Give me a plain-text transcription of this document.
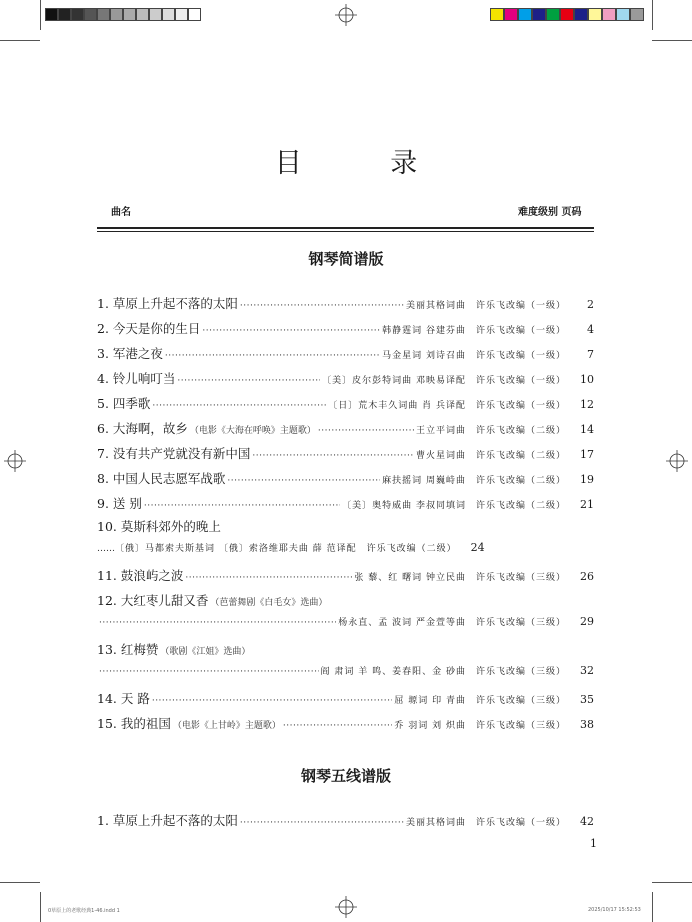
目 录
曲名	难度级别 页码
钢琴简谱版
1. 草原上升起不落的太阳 ·····	美丽其格词曲 许乐飞改编（一级）	2
2. 今天是你的生日 ·····	韩静霆词 谷建芬曲 许乐飞改编（一级）	4
3. 军港之夜 ·····	马金星词 刘诗召曲 许乐飞改编（一级）	7
4. 铃儿响叮当 ·····	〔美〕皮尔彭特词曲 邓映易译配 许乐飞改编（一级）	10
5. 四季歌 ·····	〔日〕荒木丰久词曲 肖 兵译配 许乐飞改编（一级）	12
6. 大海啊，故乡 （电影《大海在呼唤》主题歌） ·····	王立平词曲 许乐飞改编（二级）	14
7. 没有共产党就没有新中国 ·····	曹火星词曲 许乐飞改编（二级）	17
8. 中国人民志愿军战歌 ·····	麻扶摇词 周巍峙曲 许乐飞改编（二级）	19
9. 送 别 ·····	〔美〕奥特威曲 李叔同填词 许乐飞改编（二级）	21
10. 莫斯科郊外的晚上
…… 〔俄〕马都索夫斯基词 〔俄〕索洛维耶夫曲 薛 范译配 许乐飞改编（二级）	24
11. 鼓浪屿之波 ·····	张 藜、红 曙词 钟立民曲 许乐飞改编（三级）	26
12. 大红枣儿甜又香 （芭蕾舞剧《白毛女》选曲）
·····
杨永直、孟 波词 严金萱等曲 许乐飞改编（三级）	29
13. 红梅赞 （歌剧《江姐》选曲）
·····
阎 肃词 羊 鸣、姜春阳、金 砂曲 许乐飞改编（三级）	32
14. 天 路 ·····	屈 塬词 印 青曲 许乐飞改编（三级）	35
15. 我的祖国 （电影《上甘岭》主题歌） ·····	乔 羽词 刘 炽曲 许乐飞改编（三级）	38
钢琴五线谱版
1. 草原上升起不落的太阳 ·····	美丽其格词曲 许乐飞改编（一级）	42
1
0草原上的老歌经典1-46.indd 1	2025/10/17 15:52:53
